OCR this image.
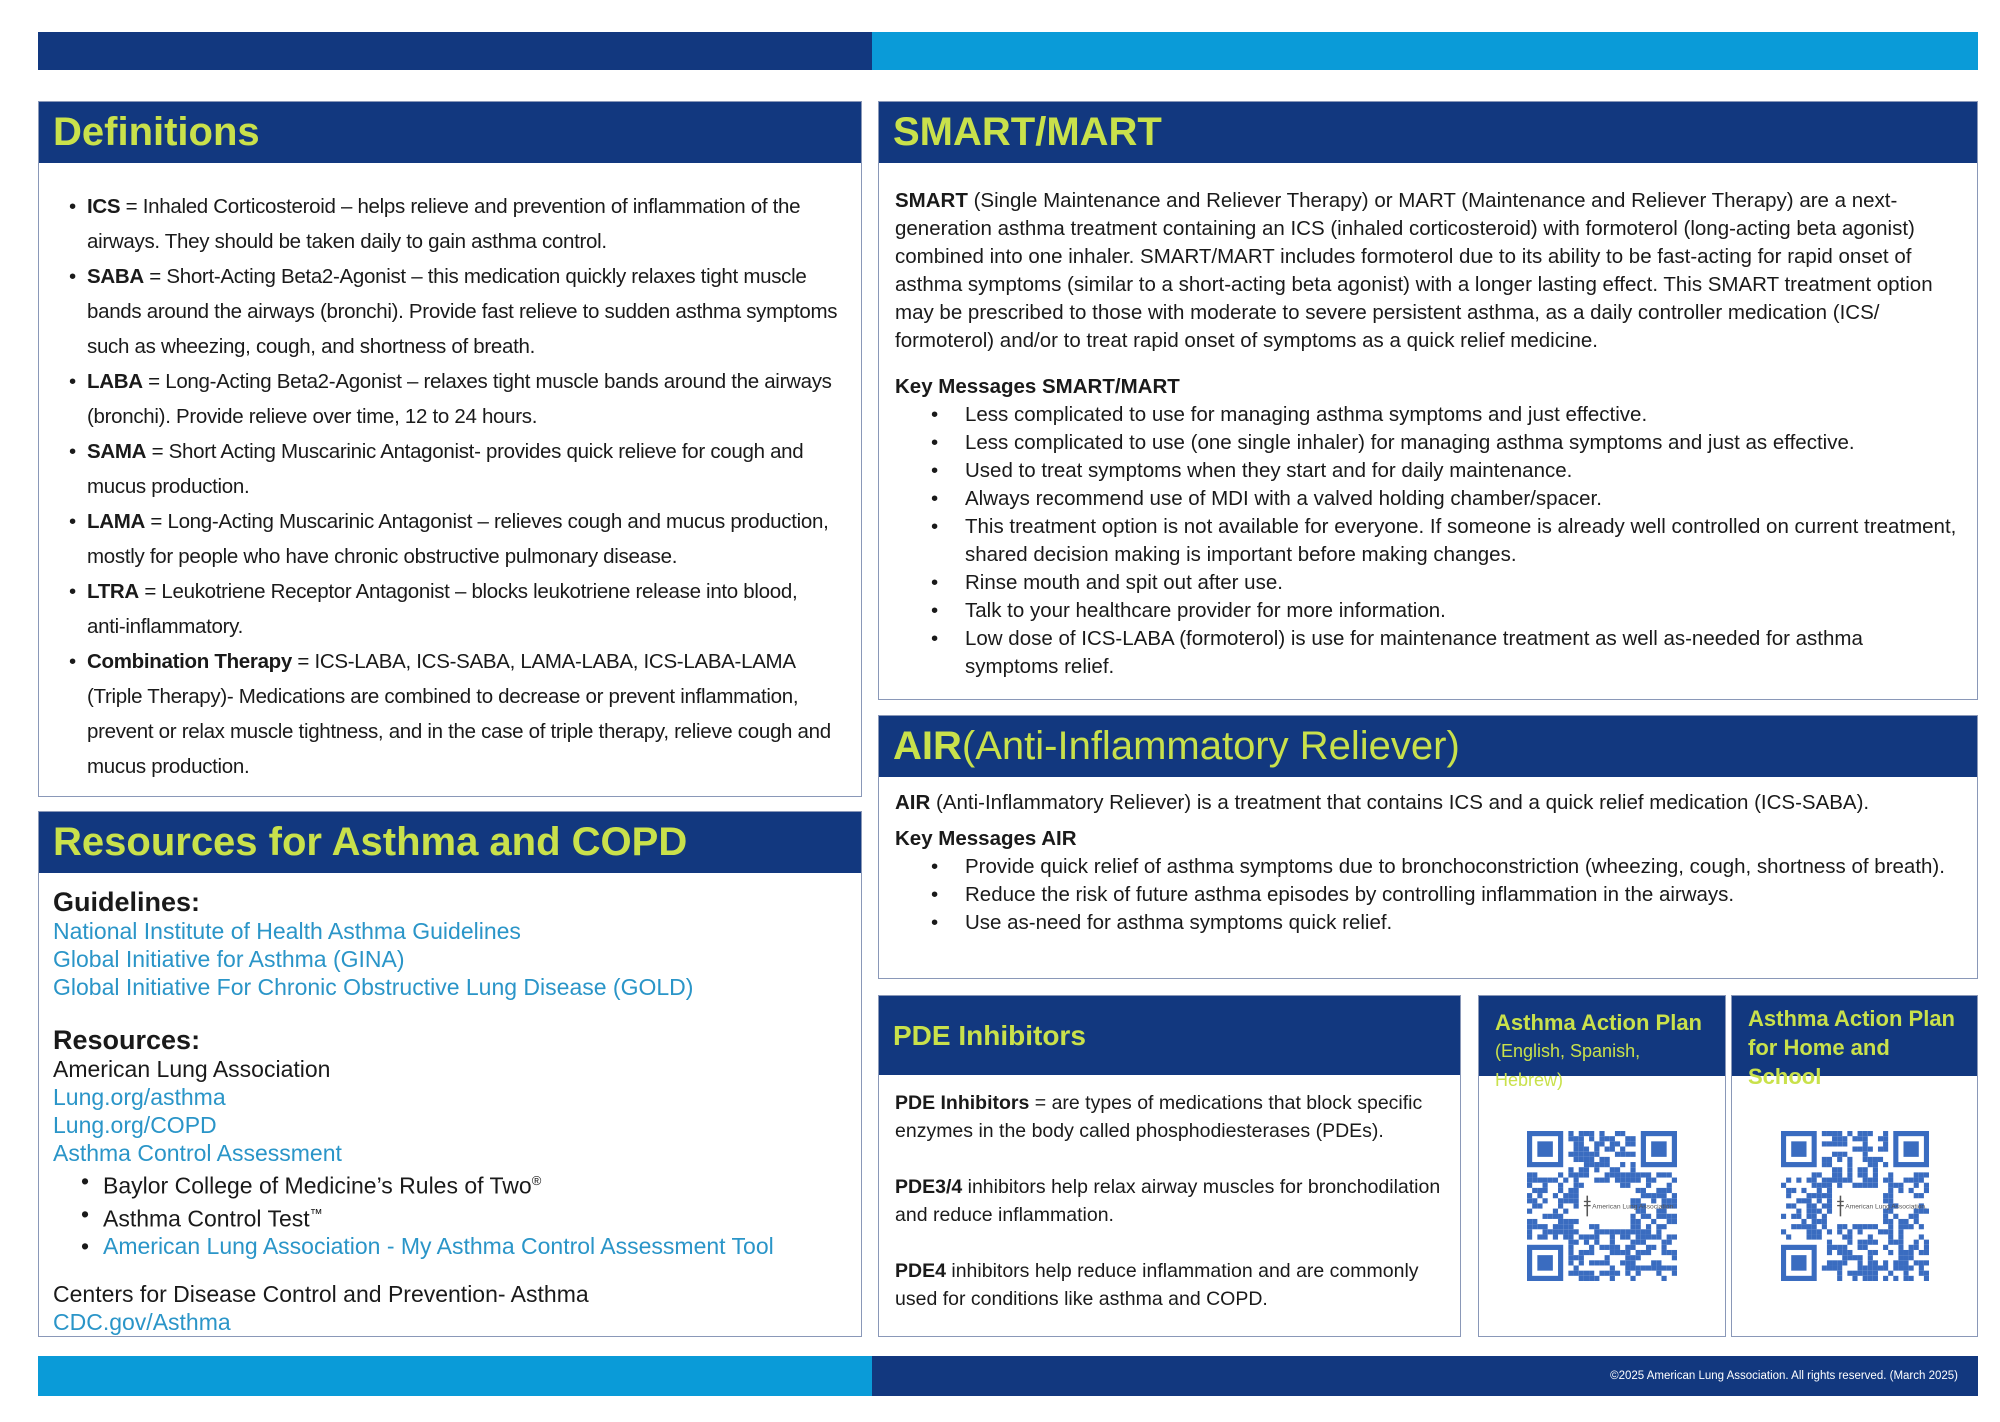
Definitions
• ICS = Inhaled Corticosteroid – helps relieve and prevention of inflammation of the airways. They should be taken daily to gain asthma control.
• SABA = Short-Acting Beta2-Agonist – this medication quickly relaxes tight muscle bands around the airways (bronchi). Provide fast relieve to sudden asthma symptoms such as wheezing, cough, and shortness of breath.
• LABA = Long-Acting Beta2-Agonist – relaxes tight muscle bands around the airways (bronchi). Provide relieve over time, 12 to 24 hours.
• SAMA = Short Acting Muscarinic Antagonist- provides quick relieve for cough and mucus production.
• LAMA = Long-Acting Muscarinic Antagonist – relieves cough and mucus production, mostly for people who have chronic obstructive pulmonary disease.
• LTRA = Leukotriene Receptor Antagonist – blocks leukotriene release into blood, anti-inflammatory.
• Combination Therapy = ICS-LABA, ICS-SABA, LAMA-LABA, ICS-LABA-LAMA (Triple Therapy)- Medications are combined to decrease or prevent inflammation, prevent or relax muscle tightness, and in the case of triple therapy, relieve cough and mucus production.
Resources for Asthma and COPD
Guidelines:
National Institute of Health Asthma Guidelines
Global Initiative for Asthma (GINA)
Global Initiative For Chronic Obstructive Lung Disease (GOLD)
Resources:
American Lung Association
Lung.org/asthma
Lung.org/COPD
Asthma Control Assessment
• Baylor College of Medicine’s Rules of Two®
• Asthma Control Test™
• American Lung Association - My Asthma Control Assessment Tool
Centers for Disease Control and Prevention- Asthma
CDC.gov/Asthma
SMART/MART

SMART (Single Maintenance and Reliever Therapy) or MART (Maintenance and Reliever Therapy) are a next-generation asthma treatment containing an ICS (inhaled corticosteroid) with formoterol (long-acting beta agonist) combined into one inhaler. SMART/MART includes formoterol due to its ability to be fast-acting for rapid onset of asthma symptoms (similar to a short-acting beta agonist) with a longer lasting effect. This SMART treatment option may be prescribed to those with moderate to severe persistent asthma, as a daily controller medication (ICS/ formoterol) and/or to treat rapid onset of symptoms as a quick relief medicine.

Key Messages SMART/MART
• Less complicated to use for managing asthma symptoms and just effective.
• Less complicated to use (one single inhaler) for managing asthma symptoms and just as effective.
• Used to treat symptoms when they start and for daily maintenance.
• Always recommend use of MDI with a valved holding chamber/spacer.
• This treatment option is not available for everyone. If someone is already well controlled on current treatment, shared decision making is important before making changes.
• Rinse mouth and spit out after use.
• Talk to your healthcare provider for more information.
• Low dose of ICS-LABA (formoterol) is use for maintenance treatment as well as-needed for asthma symptoms relief.
AIR (Anti-Inflammatory Reliever)

AIR (Anti-Inflammatory Reliever) is a treatment that contains ICS and a quick relief medication (ICS-SABA).

Key Messages AIR
• Provide quick relief of asthma symptoms due to bronchoconstriction (wheezing, cough, shortness of breath).
• Reduce the risk of future asthma episodes by controlling inflammation in the airways.
• Use as-need for asthma symptoms quick relief.
PDE Inhibitors

PDE Inhibitors = are types of medications that block specific enzymes in the body called phosphodiesterases (PDEs).

PDE3/4 inhibitors help relax airway muscles for bronchodilation and reduce inflammation.

PDE4 inhibitors help reduce inflammation and are commonly used for conditions like asthma and COPD.

Asthma Action Plan
(English, Spanish, Hebrew)
American Lung Association.
Asthma Action Plan
for Home and School
American Lung Association.
©2025 American Lung Association. All rights reserved. (March 2025)
